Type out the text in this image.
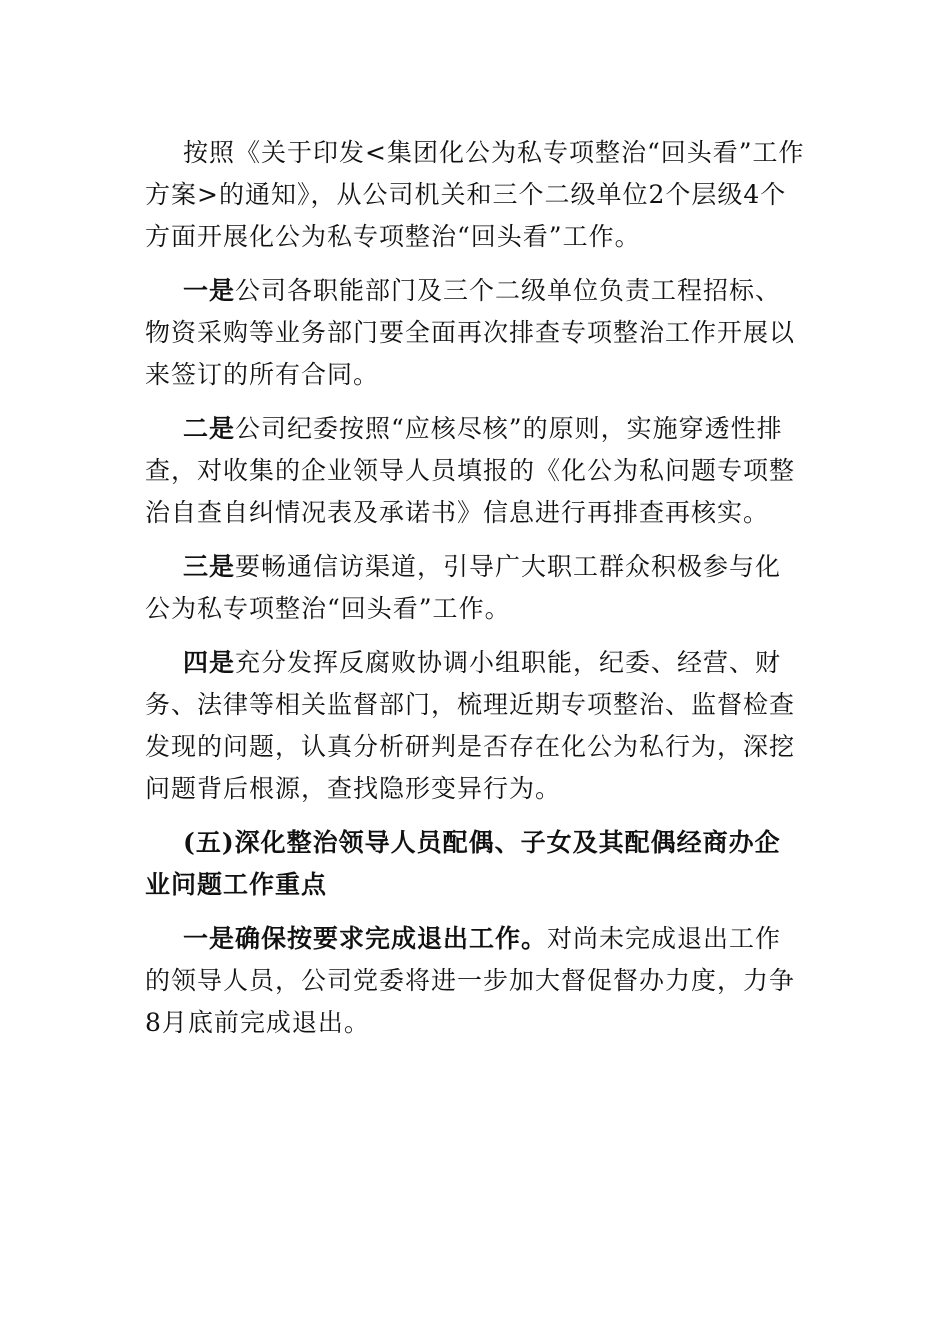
按照《关于印发<集团化公为私专项整治“回头看”工作方案>的通知》，从公司机关和三个二级单位2个层级4个方面开展化公为私专项整治“回头看”工作。

一是公司各职能部门及三个二级单位负责工程招标、物资采购等业务部门要全面再次排查专项整治工作开展以来签订的所有合同。

二是公司纪委按照“应核尽核”的原则，实施穿透性排查，对收集的企业领导人员填报的《化公为私问题专项整治自查自纠情况表及承诺书》信息进行再排查再核实。

三是要畅通信访渠道，引导广大职工群众积极参与化公为私专项整治“回头看”工作。

四是充分发挥反腐败协调小组职能，纪委、经营、财务、法律等相关监督部门，梳理近期专项整治、监督检查发现的问题，认真分析研判是否存在化公为私行为，深挖问题背后根源，查找隐形变异行为。

(五)深化整治领导人员配偶、子女及其配偶经商办企业问题工作重点

一是确保按要求完成退出工作。对尚未完成退出工作的领导人员，公司党委将进一步加大督促督办力度，力争8月底前完成退出。
